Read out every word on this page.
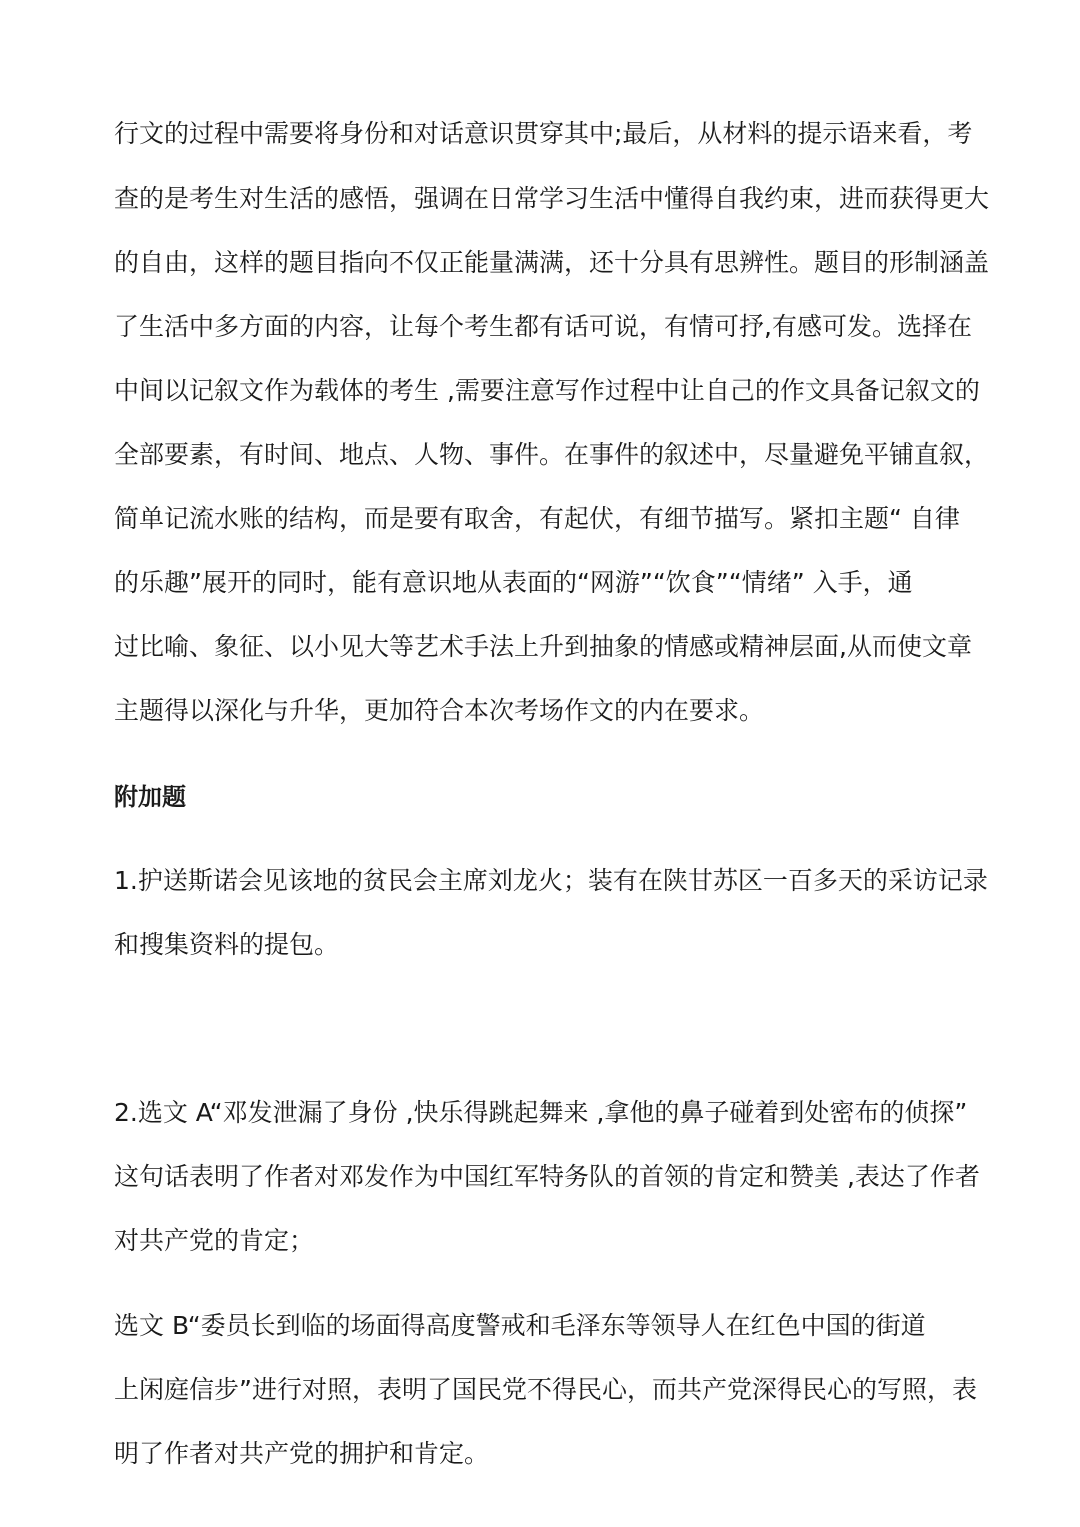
行文的过程中需要将身份和对话意识贯穿其中;最后，从材料的提示语来看，考
查的是考生对生活的感悟，强调在日常学习生活中懂得自我约束，进而获得更大
的自由，这样的题目指向不仅正能量满满，还十分具有思辨性。题目的形制涵盖
了生活中多方面的内容，让每个考生都有话可说，有情可抒,有感可发。选择在
中间以记叙文作为载体的考生 ,需要注意写作过程中让自己的作文具备记叙文的
全部要素，有时间、地点、人物、事件。在事件的叙述中，尽量避免平铺直叙，
简单记流水账的结构，而是要有取舍，有起伏，有细节描写。紧扣主题“ 自律
的乐趣”展开的同时，能有意识地从表面的“网游”“饮食”“情绪” 入手，通
过比喻、象征、以小见大等艺术手法上升到抽象的情感或精神层面,从而使文章
主题得以深化与升华，更加符合本次考场作文的内在要求。
附加题
1.护送斯诺会见该地的贫民会主席刘龙火；装有在陕甘苏区一百多天的采访记录
和搜集资料的提包。
2.选文 A“邓发泄漏了身份 ,快乐得跳起舞来 ,拿他的鼻子碰着到处密布的侦探”
这句话表明了作者对邓发作为中国红军特务队的首领的肯定和赞美 ,表达了作者
对共产党的肯定；
选文 B“委员长到临的场面得高度警戒和毛泽东等领导人在红色中国的街道
上闲庭信步”进行对照，表明了国民党不得民心，而共产党深得民心的写照，表
明了作者对共产党的拥护和肯定。
